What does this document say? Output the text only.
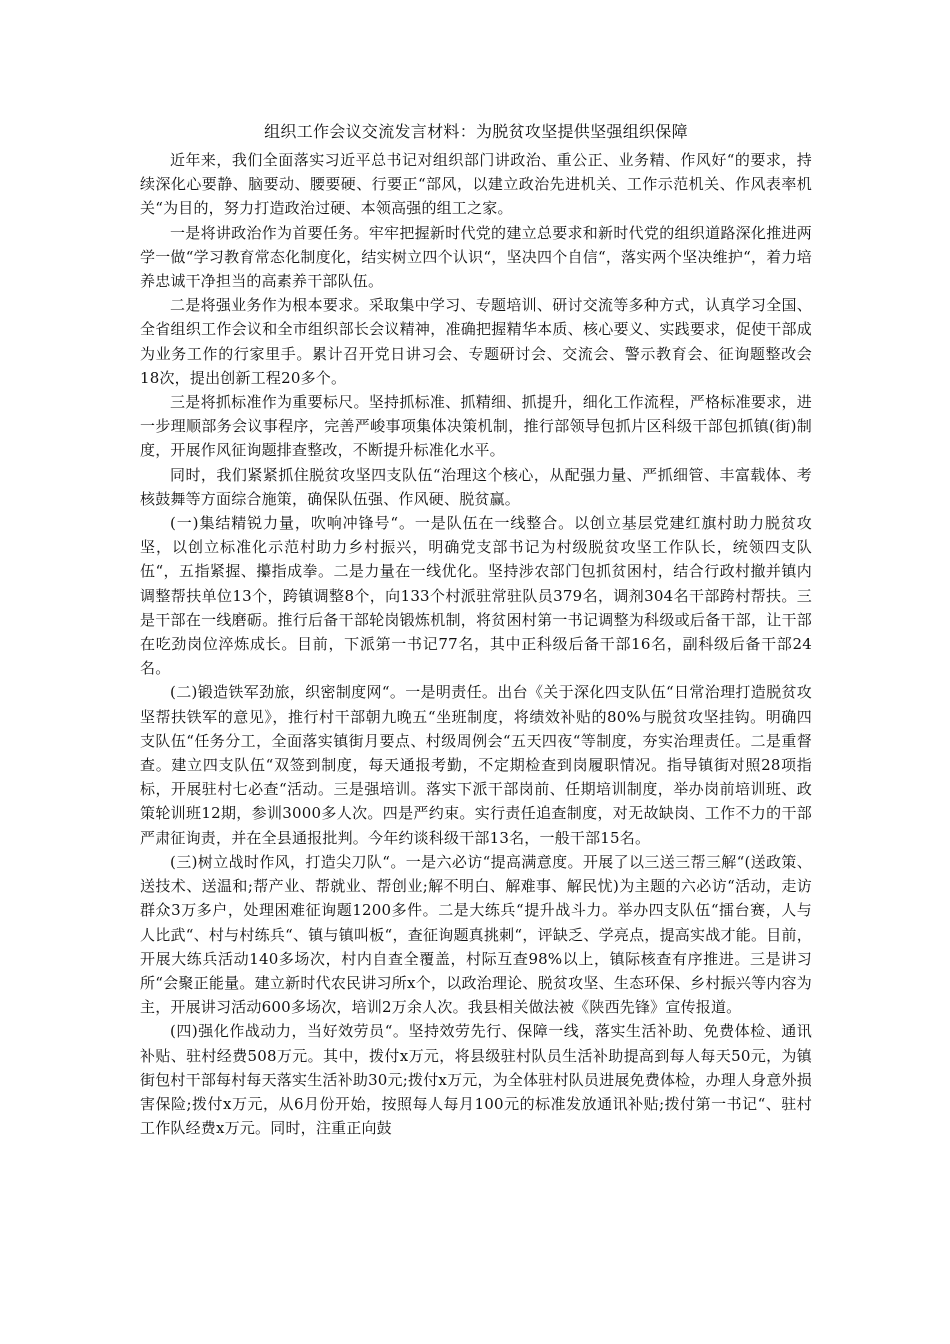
组织工作会议交流发言材料：为脱贫攻坚提供坚强组织保障

近年来，我们全面落实习近平总书记对组织部门讲政治、重公正、业务精、作风好“的要求，持续深化心要静、脑要动、腰要硬、行要正“部风，以建立政治先进机关、工作示范机关、作风表率机关“为目的，努力打造政治过硬、本领高强的组工之家。

一是将讲政治作为首要任务。牢牢把握新时代党的建立总要求和新时代党的组织道路深化推进两学一做“学习教育常态化制度化，结实树立四个认识“，坚决四个自信“，落实两个坚决维护“，着力培养忠诚干净担当的高素养干部队伍。

二是将强业务作为根本要求。采取集中学习、专题培训、研讨交流等多种方式，认真学习全国、全省组织工作会议和全市组织部长会议精神，准确把握精华本质、核心要义、实践要求，促使干部成为业务工作的行家里手。累计召开党日讲习会、专题研讨会、交流会、警示教育会、征询题整改会18次，提出创新工程20多个。

三是将抓标准作为重要标尺。坚持抓标准、抓精细、抓提升，细化工作流程，严格标准要求，进一步理顺部务会议事程序，完善严峻事项集体决策机制，推行部领导包抓片区科级干部包抓镇(街)制度，开展作风征询题排查整改，不断提升标准化水平。

同时，我们紧紧抓住脱贫攻坚四支队伍“治理这个核心，从配强力量、严抓细管、丰富载体、考核鼓舞等方面综合施策，确保队伍强、作风硬、脱贫赢。

(一)集结精锐力量，吹响冲锋号“。一是队伍在一线整合。以创立基层党建红旗村助力脱贫攻坚，以创立标准化示范村助力乡村振兴，明确党支部书记为村级脱贫攻坚工作队长，统领四支队伍“，五指紧握、攥指成拳。二是力量在一线优化。坚持涉农部门包抓贫困村，结合行政村撤并镇内调整帮扶单位13个，跨镇调整8个，向133个村派驻常驻队员379名，调剂304名干部跨村帮扶。三是干部在一线磨砺。推行后备干部轮岗锻炼机制，将贫困村第一书记调整为科级或后备干部，让干部在吃劲岗位淬炼成长。目前，下派第一书记77名，其中正科级后备干部16名，副科级后备干部24名。

(二)锻造铁军劲旅，织密制度网“。一是明责任。出台《关于深化四支队伍“日常治理打造脱贫攻坚帮扶铁军的意见》，推行村干部朝九晚五“坐班制度，将绩效补贴的80%与脱贫攻坚挂钩。明确四支队伍“任务分工，全面落实镇街月要点、村级周例会“五天四夜“等制度，夯实治理责任。二是重督查。建立四支队伍“双签到制度，每天通报考勤，不定期检查到岗履职情况。指导镇街对照28项指标，开展驻村七必查“活动。三是强培训。落实下派干部岗前、任期培训制度，举办岗前培训班、政策轮训班12期，参训3000多人次。四是严约束。实行责任追查制度，对无故缺岗、工作不力的干部严肃征询责，并在全县通报批判。今年约谈科级干部13名，一般干部15名。

(三)树立战时作风，打造尖刀队“。一是六必访“提高满意度。开展了以三送三帮三解“(送政策、送技术、送温和;帮产业、帮就业、帮创业;解不明白、解难事、解民忧)为主题的六必访“活动，走访群众3万多户，处理困难征询题1200多件。二是大练兵“提升战斗力。举办四支队伍“擂台赛，人与人比武“、村与村练兵“、镇与镇叫板“，查征询题真挑刺“，评缺乏、学亮点，提高实战才能。目前，开展大练兵活动140多场次，村内自查全覆盖，村际互查98%以上，镇际核查有序推进。三是讲习所“会聚正能量。建立新时代农民讲习所x个，以政治理论、脱贫攻坚、生态环保、乡村振兴等内容为主，开展讲习活动600多场次，培训2万余人次。我县相关做法被《陕西先锋》宣传报道。

(四)强化作战动力，当好效劳员“。坚持效劳先行、保障一线，落实生活补助、免费体检、通讯补贴、驻村经费508万元。其中，拨付x万元，将县级驻村队员生活补助提高到每人每天50元，为镇街包村干部每村每天落实生活补助30元;拨付x万元，为全体驻村队员进展免费体检，办理人身意外损害保险;拨付x万元，从6月份开始，按照每人每月100元的标准发放通讯补贴;拨付第一书记“、驻村工作队经费x万元。同时，注重正向鼓
